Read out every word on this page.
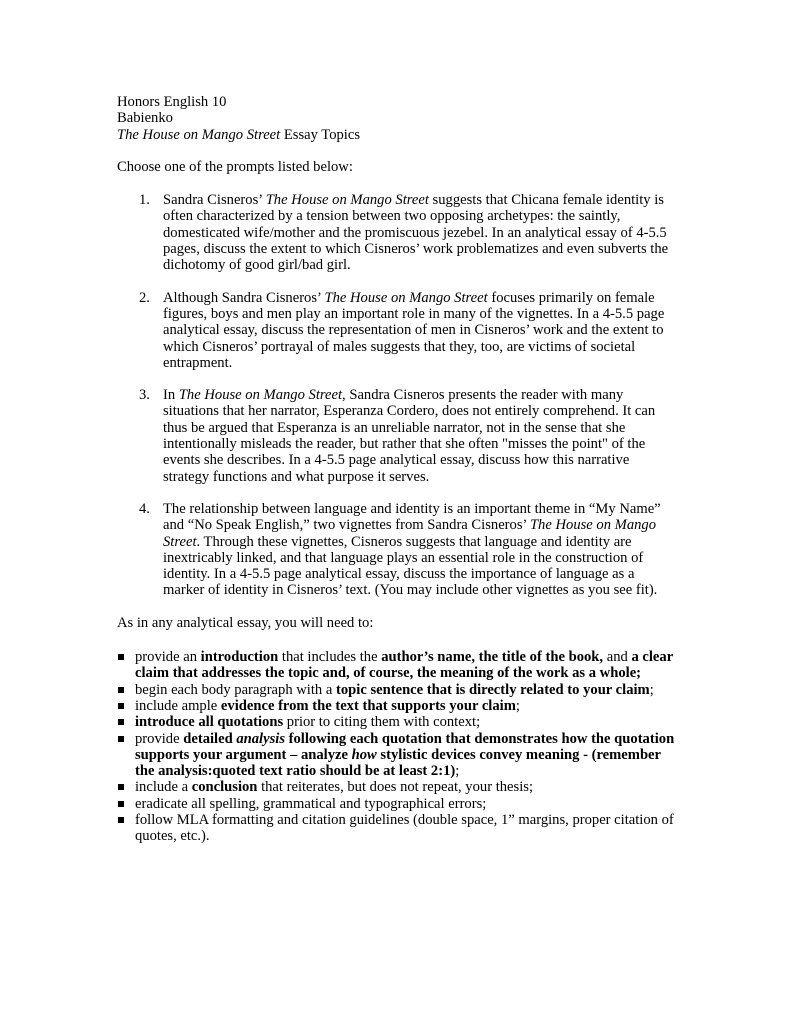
Honors English 10
Babienko
The House on Mango Street Essay Topics
Choose one of the prompts listed below:
1. Sandra Cisneros’ The House on Mango Street suggests that Chicana female identity is often characterized by a tension between two opposing archetypes: the saintly, domesticated wife/mother and the promiscuous jezebel. In an analytical essay of 4-5.5 pages, discuss the extent to which Cisneros’ work problematizes and even subverts the dichotomy of good girl/bad girl.
2. Although Sandra Cisneros’ The House on Mango Street focuses primarily on female figures, boys and men play an important role in many of the vignettes. In a 4-5.5 page analytical essay, discuss the representation of men in Cisneros’ work and the extent to which Cisneros’ portrayal of males suggests that they, too, are victims of societal entrapment.
3. In The House on Mango Street, Sandra Cisneros presents the reader with many situations that her narrator, Esperanza Cordero, does not entirely comprehend. It can thus be argued that Esperanza is an unreliable narrator, not in the sense that she intentionally misleads the reader, but rather that she often "misses the point" of the events she describes. In a 4-5.5 page analytical essay, discuss how this narrative strategy functions and what purpose it serves.
4. The relationship between language and identity is an important theme in “My Name” and “No Speak English,” two vignettes from Sandra Cisneros’ The House on Mango Street. Through these vignettes, Cisneros suggests that language and identity are inextricably linked, and that language plays an essential role in the construction of identity. In a 4-5.5 page analytical essay, discuss the importance of language as a marker of identity in Cisneros’ text. (You may include other vignettes as you see fit).
As in any analytical essay, you will need to:
provide an introduction that includes the author’s name, the title of the book, and a clear claim that addresses the topic and, of course, the meaning of the work as a whole;
begin each body paragraph with a topic sentence that is directly related to your claim;
include ample evidence from the text that supports your claim;
introduce all quotations prior to citing them with context;
provide detailed analysis following each quotation that demonstrates how the quotation supports your argument – analyze how stylistic devices convey meaning - (remember the analysis:quoted text ratio should be at least 2:1);
include a conclusion that reiterates, but does not repeat, your thesis;
eradicate all spelling, grammatical and typographical errors;
follow MLA formatting and citation guidelines (double space, 1” margins, proper citation of quotes, etc.).
